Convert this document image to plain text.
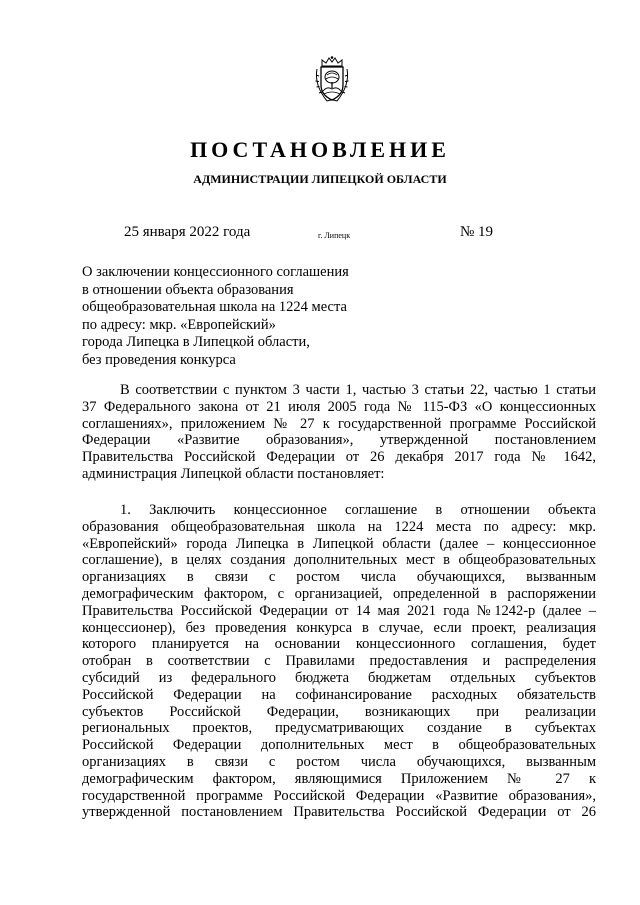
ПОСТАНОВЛЕНИЕ
АДМИНИСТРАЦИИ ЛИПЕЦКОЙ ОБЛАСТИ
25 января 2022 года	г. Липецк	№ 19
О заключении концессионного соглашения
в отношении объекта образования
общеобразовательная школа на 1224 места
по адресу: мкр. «Европейский»
города Липецка в Липецкой области,
без проведения конкурса
В соответствии с пунктом 3 части 1, частью 3 статьи 22, частью 1 статьи
37 Федерального закона от 21 июля 2005 года № 115-ФЗ «О концессионных
соглашениях», приложением № 27 к государственной программе Российской
Федерации «Развитие образования», утвержденной постановлением
Правительства Российской Федерации от 26 декабря 2017 года № 1642,
администрация Липецкой области постановляет:
1. Заключить концессионное соглашение в отношении объекта
образования общеобразовательная школа на 1224 места по адресу: мкр.
«Европейский» города Липецка в Липецкой области (далее – концессионное
соглашение), в целях создания дополнительных мест в общеобразовательных
организациях в связи с ростом числа обучающихся, вызванным
демографическим фактором, с организацией, определенной в распоряжении
Правительства Российской Федерации от 14 мая 2021 года №1242-р (далее –
концессионер), без проведения конкурса в случае, если проект, реализация
которого планируется на основании концессионного соглашения, будет
отобран в соответствии с Правилами предоставления и распределения
субсидий из федерального бюджета бюджетам отдельных субъектов
Российской Федерации на софинансирование расходных обязательств
субъектов Российской Федерации, возникающих при реализации
региональных проектов, предусматривающих создание в субъектах
Российской Федерации дополнительных мест в общеобразовательных
организациях в связи с ростом числа обучающихся, вызванным
демографическим фактором, являющимися Приложением № 27 к
государственной программе Российской Федерации «Развитие образования»,
утвержденной постановлением Правительства Российской Федерации от 26
